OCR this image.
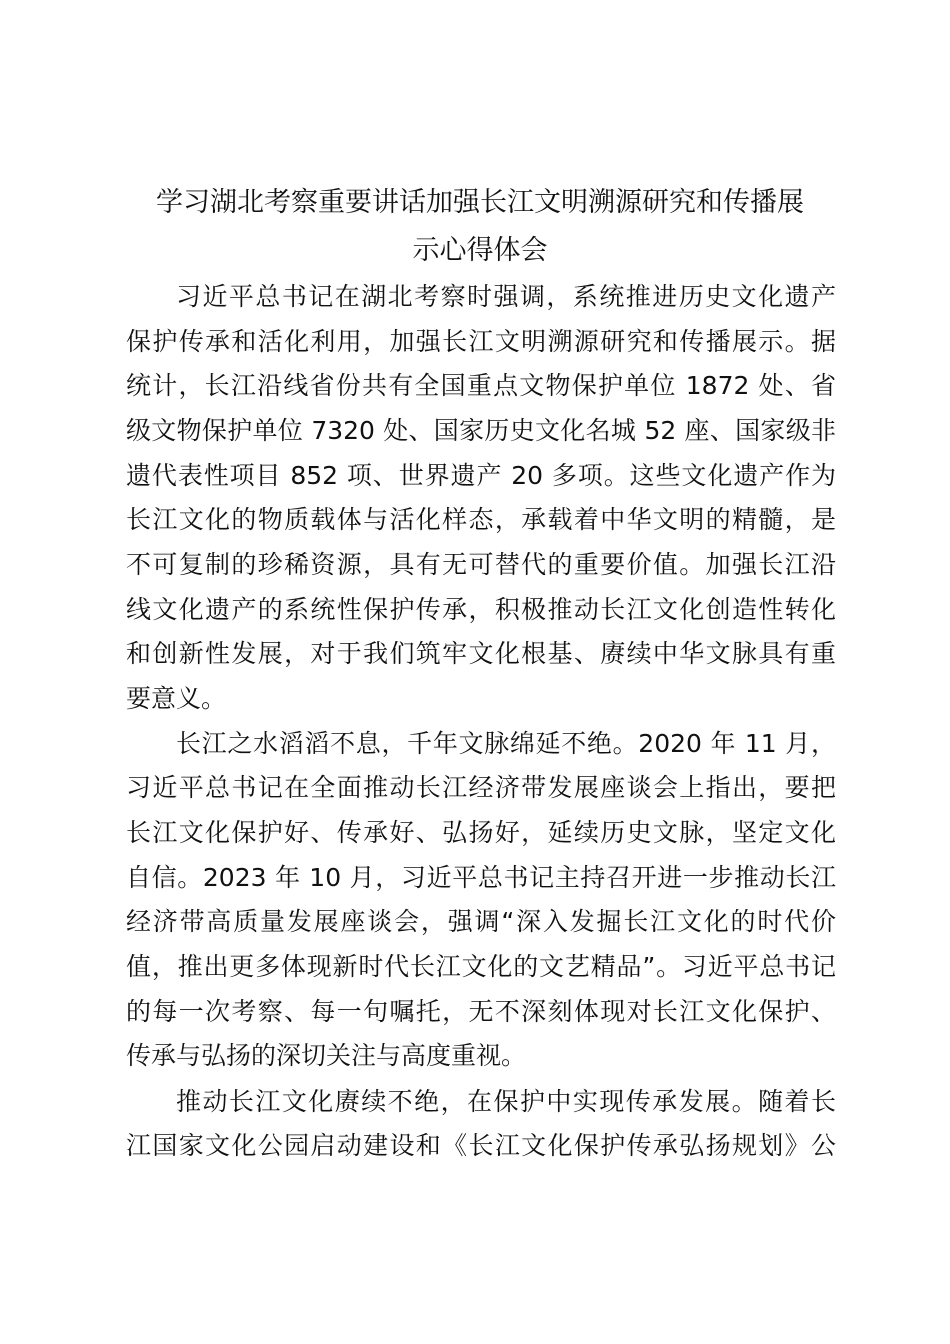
学习湖北考察重要讲话加强长江文明溯源研究和传播展
示心得体会

习近平总书记在湖北考察时强调，系统推进历史文化遗产

保护传承和活化利用，加强长江文明溯源研究和传播展示。据

统计，长江沿线省份共有全国重点文物保护单位 1872 处、省

级文物保护单位 7320 处、国家历史文化名城 52 座、国家级非

遗代表性项目 852 项、世界遗产 20 多项。这些文化遗产作为

长江文化的物质载体与活化样态，承载着中华文明的精髓，是

不可复制的珍稀资源，具有无可替代的重要价值。加强长江沿

线文化遗产的系统性保护传承，积极推动长江文化创造性转化

和创新性发展，对于我们筑牢文化根基、赓续中华文脉具有重

要意义。

长江之水滔滔不息，千年文脉绵延不绝。2020 年 11 月，

习近平总书记在全面推动长江经济带发展座谈会上指出，要把

长江文化保护好、传承好、弘扬好，延续历史文脉，坚定文化

自信。2023 年 10 月，习近平总书记主持召开进一步推动长江

经济带高质量发展座谈会，强调“深入发掘长江文化的时代价

值，推出更多体现新时代长江文化的文艺精品”。习近平总书记

的每一次考察、每一句嘱托，无不深刻体现对长江文化保护、

传承与弘扬的深切关注与高度重视。

推动长江文化赓续不绝，在保护中实现传承发展。随着长

江国家文化公园启动建设和《长江文化保护传承弘扬规划》公
